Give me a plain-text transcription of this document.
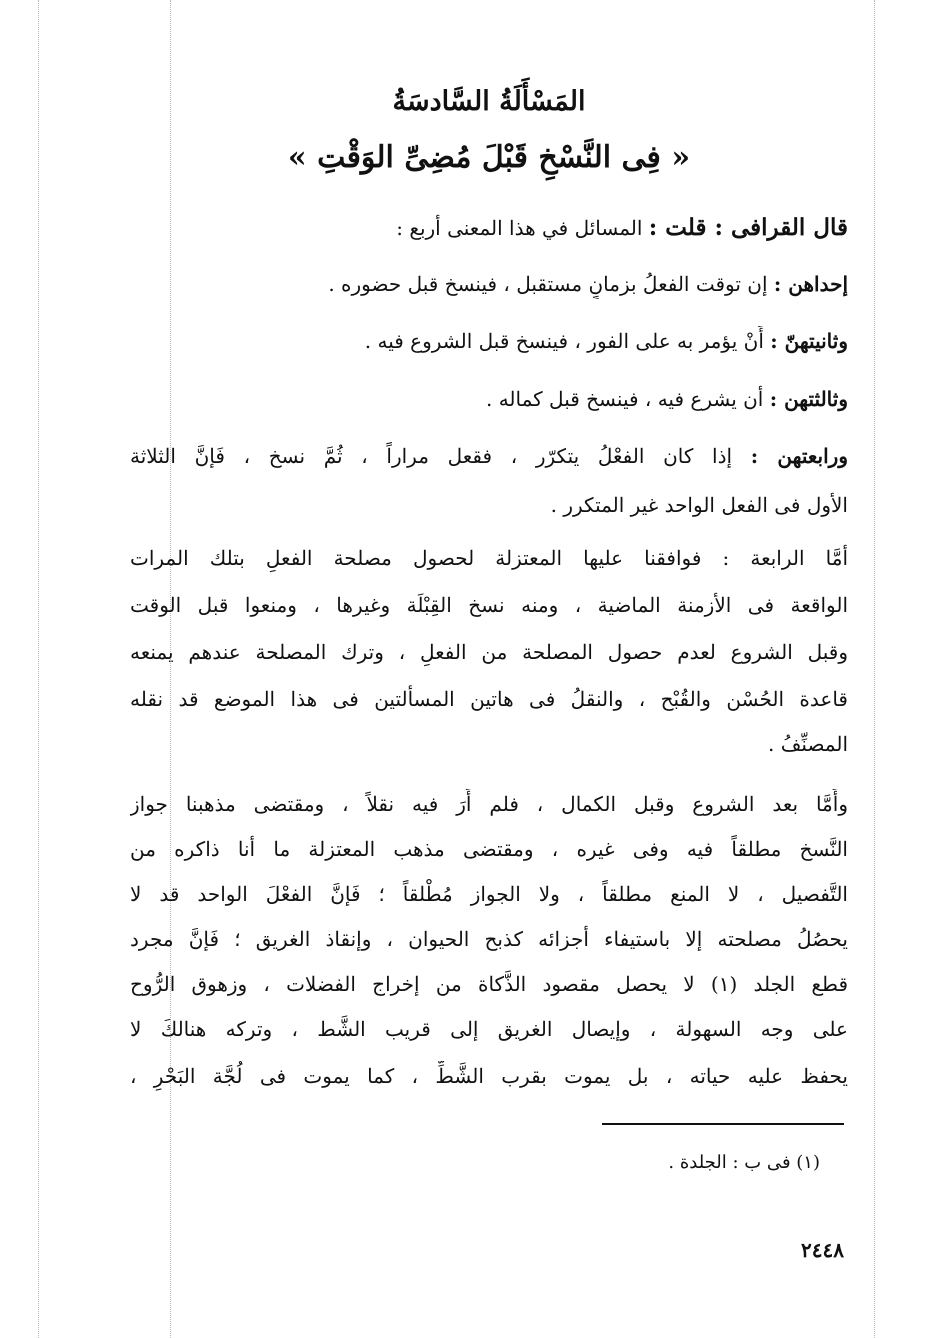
المَسْأَلَةُ السَّادسَةُ
« فِى النَّسْخِ قَبْلَ مُضِىِّ الوَقْتِ »
قال القرافى : قلت : المسائل في هذا المعنى أربع :
إحداهن : إن توقت الفعلُ بزمانٍ مستقبل ، فينسخ قبل حضوره .
وثانيتهنّ : أَنْ يؤمر به على الفور ، فينسخ قبل الشروع فيه .
وثالثتهن : أن يشرع فيه ، فينسخ قبل كماله .
ورابعتهن : إذا كان الفعْلُ يتكرّر ، فقعل مراراً ، ثُمَّ نسخ ، فَإنَّ الثلاثة
الأول فى الفعل الواحد غير المتكرر .
أمَّا الرابعة : فوافقنا عليها المعتزلة لحصول مصلحة الفعلِ بتلك المرات
الواقعة فى الأزمنة الماضية ، ومنه نسخ القِبْلَة وغيرها ، ومنعوا قبل الوقت
وقبل الشروع لعدم حصول المصلحة من الفعلِ ، وترك المصلحة عندهم يمنعه
قاعدة الحُسْن والقُبْح ، والنقلُ فى هاتين المسألتين فى هذا الموضع قد نقله
المصنِّفُ .
وأَمَّا بعد الشروع وقبل الكمال ، فلم أَرَ فيه نقلاً ، ومقتضى مذهبنا جواز
النَّسخ مطلقاً فيه وفى غيره ، ومقتضى مذهب المعتزلة ما أنا ذاكره من
التَّفصيل ، لا المنع مطلقاً ، ولا الجواز مُطْلقاً ؛ فَإنَّ الفعْلَ الواحد قد لا
يحصُلُ مصلحته إلا باستيفاء أجزائه كذبح الحيوان ، وإنقاذ الغريق ؛ فَإنَّ مجرد
قطع الجلد (١) لا يحصل مقصود الذَّكاة من إخراج الفضلات ، وزهوق الرُّوح
على وجه السهولة ، وإيصال الغريق إلى قريب الشَّط ، وتركه هنالكَ لا
يحفظ عليه حياته ، بل يموت بقرب الشَّطِّ ، كما يموت فى لُجَّة البَحْرِ ،
(١) فى ب : الجلدة .
٢٤٤٨
